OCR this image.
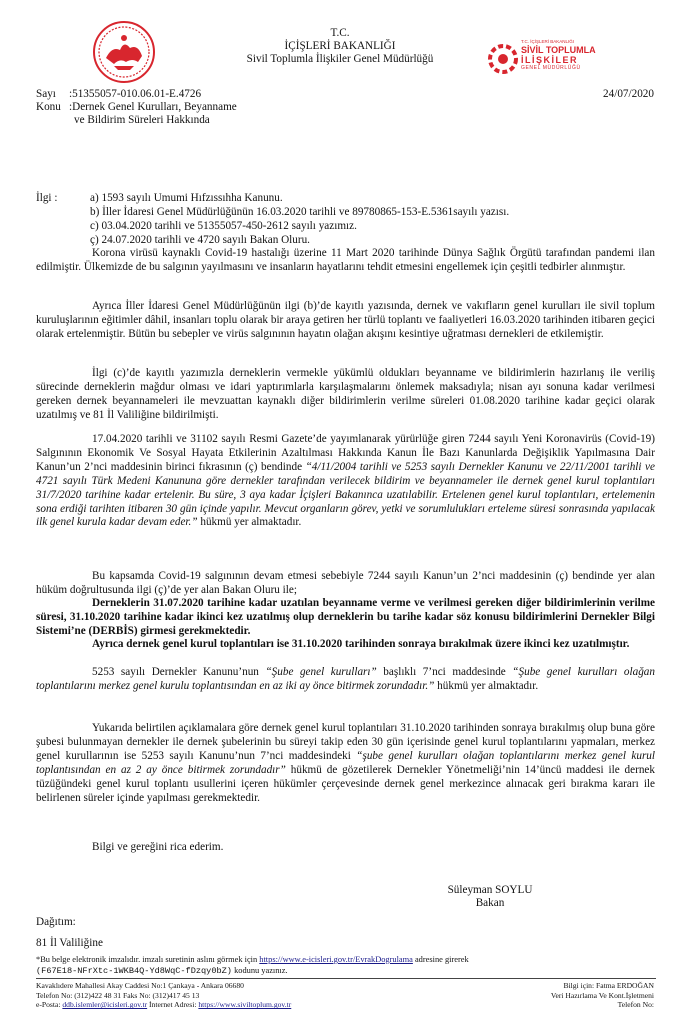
T.C.
İÇİŞLERİ BAKANLIĞI
Sivil Toplumla İlişkiler Genel Müdürlüğü
T.C. İÇİŞLERİ BAKANLIĞI
SİVİL TOPLUMLA
İLİŞKİLER
GENEL MÜDÜRLÜĞÜ
Sayı :51355057-010.06.01-E.4726
Konu :Dernek Genel Kurulları, Beyanname
ve Bildirim Süreleri Hakkında
24/07/2020
İlgi :	a) 1593 sayılı Umumi Hıfzıssıhha Kanunu.
b) İller İdaresi Genel Müdürlüğünün 16.03.2020 tarihli ve 89780865-153-E.5361sayılı yazısı.
c) 03.04.2020 tarihli ve 51355057-450-2612 sayılı yazımız.
ç) 24.07.2020 tarihli ve 4720 sayılı Bakan Oluru.

Korona virüsü kaynaklı Covid-19 hastalığı üzerine 11 Mart 2020 tarihinde Dünya Sağlık Örgütü tarafından pandemi ilan edilmiştir. Ülkemizde de bu salgının yayılmasını ve insanların hayatlarını tehdit etmesini engellemek için çeşitli tedbirler alınmıştır.

Ayrıca İller İdaresi Genel Müdürlüğünün ilgi (b)’de kayıtlı yazısında, dernek ve vakıfların genel kurulları ile sivil toplum kuruluşlarının eğitimler dâhil, insanları toplu olarak bir araya getiren her türlü toplantı ve faaliyetleri 16.03.2020 tarihinden itibaren geçici olarak ertelenmiştir. Bütün bu sebepler ve virüs salgınının hayatın olağan akışını kesintiye uğratması dernekleri de etkilemiştir.

İlgi (c)’de kayıtlı yazımızla derneklerin vermekle yükümlü oldukları beyanname ve bildirimlerin hazırlanış ile veriliş sürecinde derneklerin mağdur olması ve idari yaptırımlarla karşılaşmalarını önlemek maksadıyla; nisan ayı sonuna kadar verilmesi gereken dernek beyannameleri ile mevzuattan kaynaklı diğer bildirimlerin verilme süreleri 01.08.2020 tarihine kadar geçici olarak uzatılmış ve 81 İl Valiliğine bildirilmişti.

17.04.2020 tarihli ve 31102 sayılı Resmi Gazete’de yayımlanarak yürürlüğe giren 7244 sayılı Yeni Koronavirüs (Covid-19) Salgınının Ekonomik Ve Sosyal Hayata Etkilerinin Azaltılması Hakkında Kanun İle Bazı Kanunlarda Değişiklik Yapılmasına Dair Kanun’un 2’nci maddesinin birinci fıkrasının (ç) bendinde “4/11/2004 tarihli ve 5253 sayılı Dernekler Kanunu ve 22/11/2001 tarihli ve 4721 sayılı Türk Medeni Kanununa göre dernekler tarafından verilecek bildirim ve beyannameler ile dernek genel kurul toplantıları 31/7/2020 tarihine kadar ertelenir. Bu süre, 3 aya kadar İçişleri Bakanınca uzatılabilir. Ertelenen genel kurul toplantıları, ertelemenin sona erdiği tarihten itibaren 30 gün içinde yapılır. Mevcut organların görev, yetki ve sorumlulukları erteleme süresi sonrasında yapılacak ilk genel kurula kadar devam eder.” hükmü yer almaktadır.

Bu kapsamda Covid-19 salgınının devam etmesi sebebiyle 7244 sayılı Kanun’un 2’nci maddesinin (ç) bendinde yer alan hüküm doğrultusunda ilgi (ç)’de yer alan Bakan Oluru ile;

Derneklerin 31.07.2020 tarihine kadar uzatılan beyanname verme ve verilmesi gereken diğer bildirimlerinin verilme süresi, 31.10.2020 tarihine kadar ikinci kez uzatılmış olup derneklerin bu tarihe kadar söz konusu bildirimlerini Dernekler Bilgi Sistemi’ne (DERBİS) girmesi gerekmektedir.

Ayrıca dernek genel kurul toplantıları ise 31.10.2020 tarihinden sonraya bırakılmak üzere ikinci kez uzatılmıştır.

5253 sayılı Dernekler Kanunu’nun “Şube genel kurulları” başlıklı 7’nci maddesinde “Şube genel kurulları olağan toplantılarını merkez genel kurulu toplantısından en az iki ay önce bitirmek zorundadır.” hükmü yer almaktadır.

Yukarıda belirtilen açıklamalara göre dernek genel kurul toplantıları 31.10.2020 tarihinden sonraya bırakılmış olup buna göre şubesi bulunmayan dernekler ile dernek şubelerinin bu süreyi takip eden 30 gün içerisinde genel kurul toplantılarını yapmaları, merkez genel kurullarının ise 5253 sayılı Kanunu’nun 7’nci maddesindeki “şube genel kurulları olağan toplantılarını merkez genel kurul toplantısından en az 2 ay önce bitirmek zorundadır” hükmü de gözetilerek Dernekler Yönetmeliği’nin 14’üncü maddesi ile dernek tüzüğündeki genel kurul toplantı usullerini içeren hükümler çerçevesinde dernek genel merkezince alınacak geri bırakma kararı ile belirlenen süreler içinde yapılması gerekmektedir.

Bilgi ve gereğini rica ederim.

Süleyman SOYLU
Bakan
Dağıtım:
81 İl Valiliğine
*Bu belge elektronik imzalıdır. imzalı suretinin aslını görmek için https://www.e-icisleri.gov.tr/EvrakDogrulama adresine girerek
(F67E18-NFrXtc-1WKB4Q-Yd8WqC-fDzqy0bZ) kodunu yazınız.
Kavaklıdere Mahallesi Akay Caddesi No:1 Çankaya - Ankara 06680
Telefon No: (312)422 48 31 Faks No: (312)417 45 13
e-Posta: ddb.islemler@icisleri.gov.tr İnternet Adresi: https://www.siviltoplum.gov.tr
Bilgi için: Fatma ERDOĞAN
Veri Hazırlama Ve Kont.İşletmeni
Telefon No:
